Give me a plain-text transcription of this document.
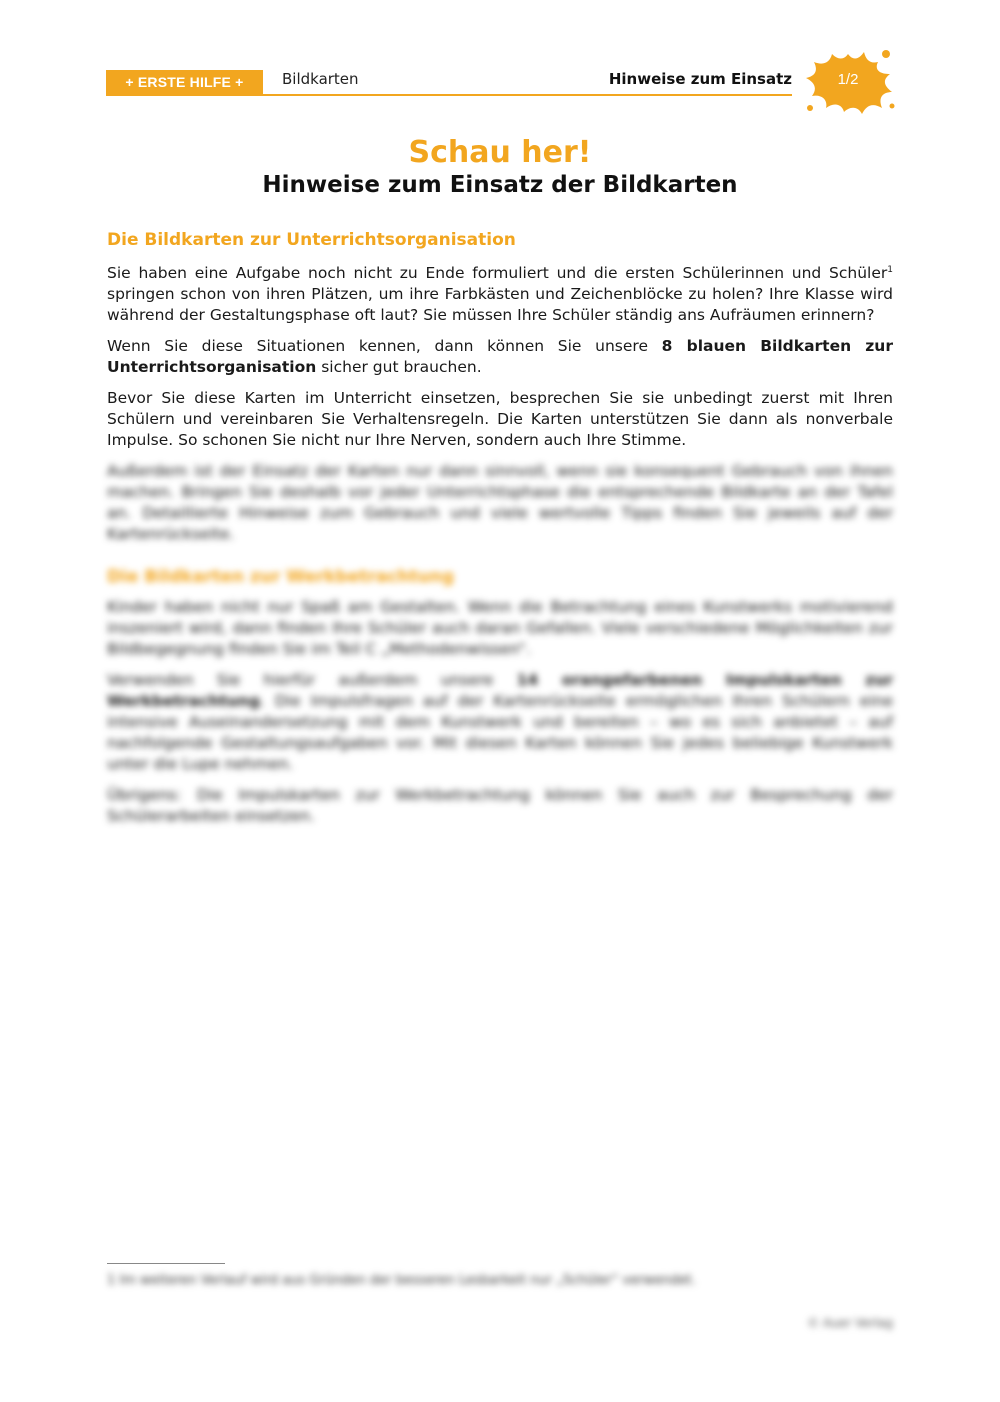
+ ERSTE HILFE +	Bildkarten	Hinweise zum Einsatz	1/2
Schau her!
Hinweise zum Einsatz der Bildkarten
Die Bildkarten zur Unterrichtsorganisation

Sie haben eine Aufgabe noch nicht zu Ende formuliert und die ersten Schülerinnen und Schüler$^1$ springen schon von ihren Plätzen, um ihre Farbkästen und Zeichenblöcke zu holen? Ihre Klasse wird während der Gestaltungsphase oft laut? Sie müssen Ihre Schüler ständig ans Aufräumen erinnern?

Wenn Sie diese Situationen kennen, dann können Sie unsere 8 blauen Bildkarten zur Unterrichtsorganisation sicher gut brauchen.

Bevor Sie diese Karten im Unterricht einsetzen, besprechen Sie sie unbedingt zuerst mit Ihren Schülern und vereinbaren Sie Verhaltensregeln. Die Karten unterstützen Sie dann als nonverbale Impulse. So schonen Sie nicht nur Ihre Nerven, sondern auch Ihre Stimme.

Außerdem ist der Einsatz der Karten nur dann sinnvoll, wenn sie konsequent Gebrauch von ihnen machen. Bringen Sie deshalb vor jeder Unterrichtsphase die entsprechende Bildkarte an der Tafel an. Detaillierte Hinweise zum Gebrauch und viele wertvolle Tipps finden Sie jeweils auf der Kartenrückseite.

Die Bildkarten zur Werkbetrachtung

Kinder haben nicht nur Spaß am Gestalten. Wenn die Betrachtung eines Kunstwerks motivierend inszeniert wird, dann finden Ihre Schüler auch daran Gefallen. Viele verschiedene Möglichkeiten zur Bildbegegnung finden Sie im Teil C „Methodenwissen“.

Verwenden Sie hierfür außerdem unsere 14 orangefarbenen Impulskarten zur Werkbetrachtung. Die Impulsfragen auf der Kartenrückseite ermöglichen Ihren Schülern eine intensive Auseinandersetzung mit dem Kunstwerk und bereiten – wo es sich anbietet – auf nachfolgende Gestaltungsaufgaben vor. Mit diesen Karten können Sie jedes beliebige Kunstwerk unter die Lupe nehmen.

Übrigens: Die Impulskarten zur Werkbetrachtung können Sie auch zur Besprechung der Schülerarbeiten einsetzen.

1 Im weiteren Verlauf wird aus Gründen der besseren Lesbarkeit nur „Schüler“ verwendet.
© Auer Verlag
